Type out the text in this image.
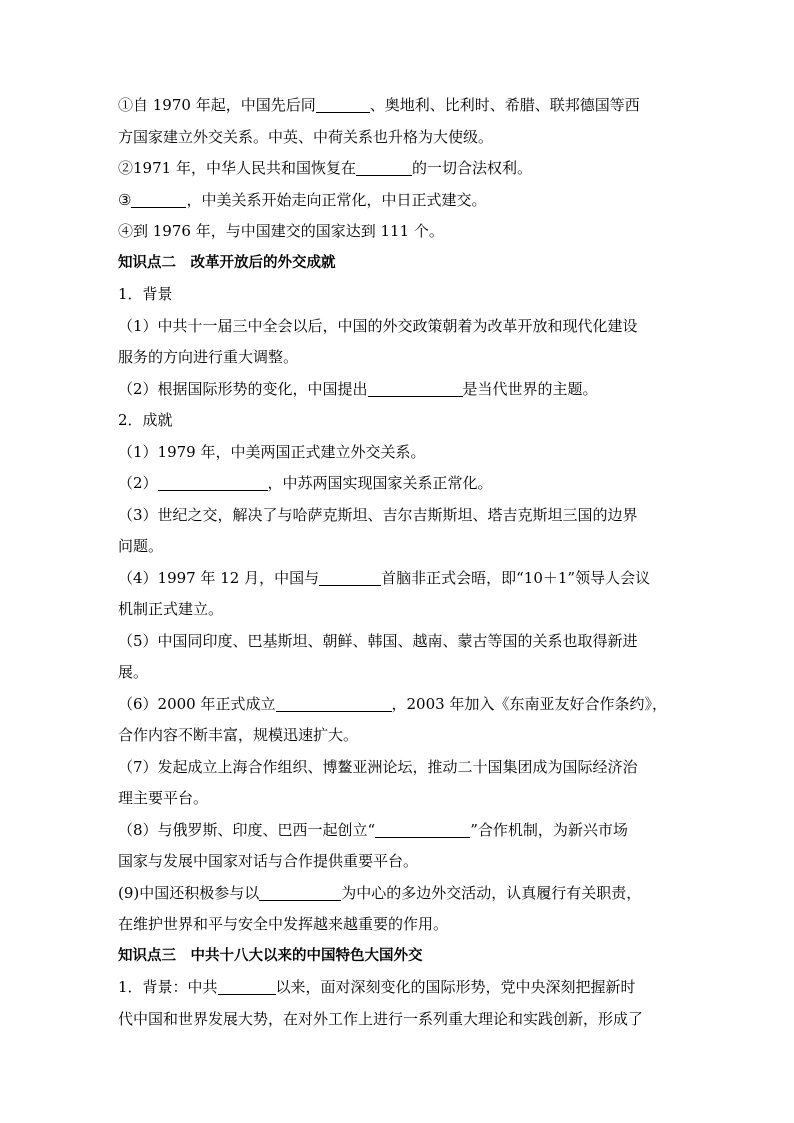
①自 1970 年起，中国先后同	、奥地利、比利时、希腊、联邦德国等西

方国家建立外交关系。中英、中荷关系也升格为大使级。

②1971 年，中华人民共和国恢复在	的一切合法权利。

③	，中美关系开始走向正常化，中日正式建交。

④到 1976 年，与中国建交的国家达到 111 个。

知识点二　改革开放后的外交成就

1．背景

（1）中共十一届三中全会以后，中国的外交政策朝着为改革开放和现代化建设

服务的方向进行重大调整。

（2）根据国际形势的变化，中国提出	是当代世界的主题。

2．成就

（1）1979 年，中美两国正式建立外交关系。

（2）	，中苏两国实现国家关系正常化。

（3）世纪之交，解决了与哈萨克斯坦、吉尔吉斯斯坦、塔吉克斯坦三国的边界

问题。

（4）1997 年 12 月，中国与	首脑非正式会晤，即“10＋1”领导人会议

机制正式建立。

（5）中国同印度、巴基斯坦、朝鲜、韩国、越南、蒙古等国的关系也取得新进

展。

（6）2000 年正式成立	，2003 年加入《东南亚友好合作条约》，

合作内容不断丰富，规模迅速扩大。

（7）发起成立上海合作组织、博鳌亚洲论坛，推动二十国集团成为国际经济治

理主要平台。

（8）与俄罗斯、印度、巴西一起创立“	”合作机制，为新兴市场

国家与发展中国家对话与合作提供重要平台。

(9)中国还积极参与以	为中心的多边外交活动，认真履行有关职责，

在维护世界和平与安全中发挥越来越重要的作用。

知识点三　中共十八大以来的中国特色大国外交

1．背景：中共	以来，面对深刻变化的国际形势，党中央深刻把握新时

代中国和世界发展大势，在对外工作上进行一系列重大理论和实践创新，形成了
